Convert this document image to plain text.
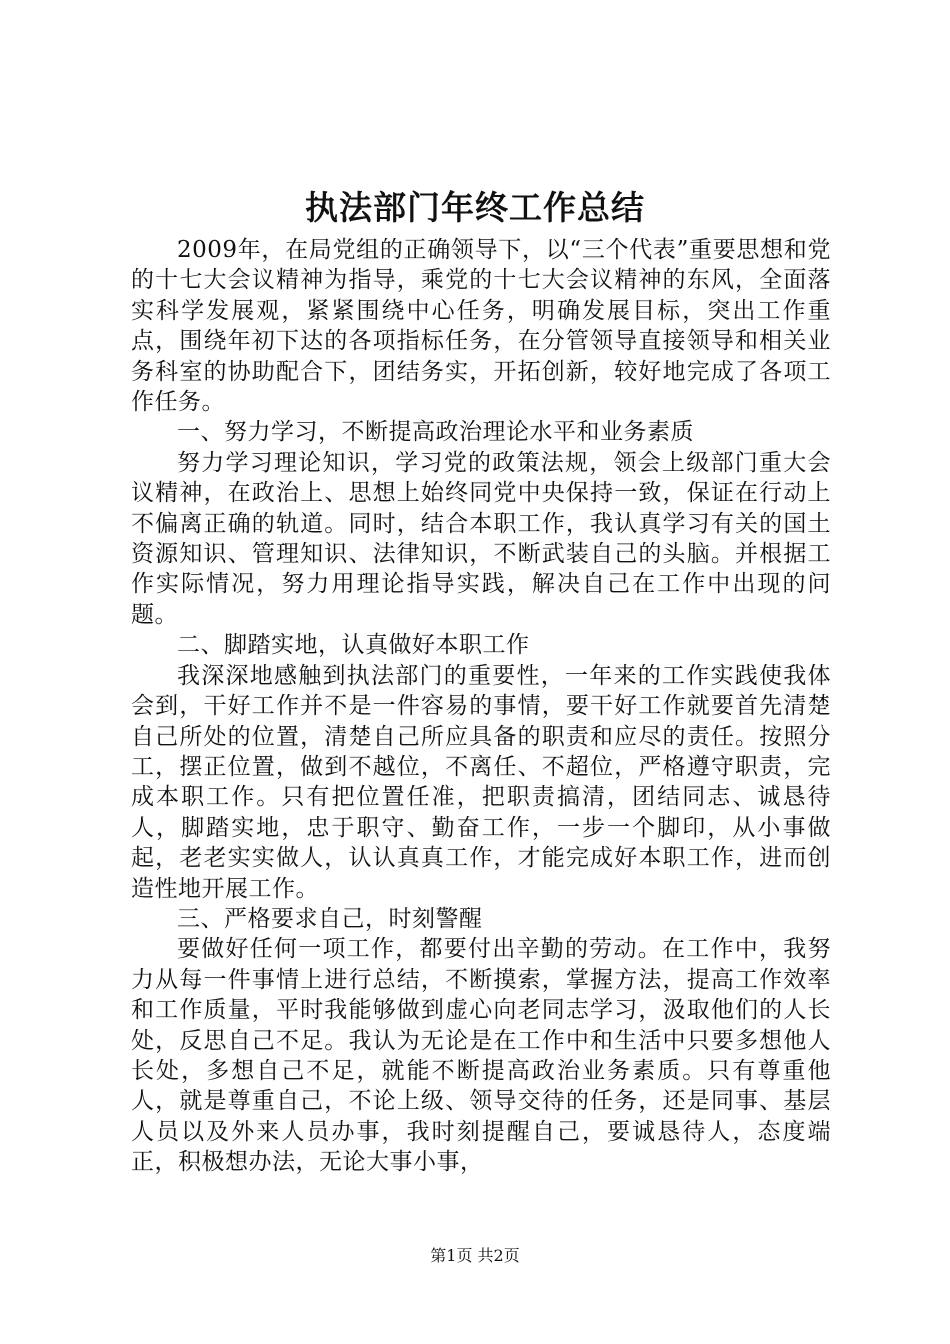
执法部门年终工作总结

2009年，在局党组的正确领导下，以“三个代表”重要思想和党的十七大会议精神为指导，乘党的十七大会议精神的东风，全面落实科学发展观，紧紧围绕中心任务，明确发展目标，突出工作重点，围绕年初下达的各项指标任务，在分管领导直接领导和相关业务科室的协助配合下，团结务实，开拓创新，较好地完成了各项工作任务。

一、努力学习，不断提高政治理论水平和业务素质

努力学习理论知识，学习党的政策法规，领会上级部门重大会议精神，在政治上、思想上始终同党中央保持一致，保证在行动上不偏离正确的轨道。同时，结合本职工作，我认真学习有关的国土资源知识、管理知识、法律知识，不断武装自己的头脑。并根据工作实际情况，努力用理论指导实践，解决自己在工作中出现的问题。

二、脚踏实地，认真做好本职工作

我深深地感触到执法部门的重要性，一年来的工作实践使我体会到，干好工作并不是一件容易的事情，要干好工作就要首先清楚自己所处的位置，清楚自己所应具备的职责和应尽的责任。按照分工，摆正位置，做到不越位，不离任、不超位，严格遵守职责，完成本职工作。只有把位置任准，把职责搞清，团结同志、诚恳待人，脚踏实地，忠于职守、勤奋工作，一步一个脚印，从小事做起，老老实实做人，认认真真工作，才能完成好本职工作，进而创造性地开展工作。

三、严格要求自己，时刻警醒

要做好任何一项工作，都要付出辛勤的劳动。在工作中，我努力从每一件事情上进行总结，不断摸索，掌握方法，提高工作效率和工作质量，平时我能够做到虚心向老同志学习，汲取他们的人长处，反思自己不足。我认为无论是在工作中和生活中只要多想他人长处，多想自己不足，就能不断提高政治业务素质。只有尊重他人，就是尊重自己，不论上级、领导交待的任务，还是同事、基层人员以及外来人员办事，我时刻提醒自己，要诚恳待人，态度端正，积极想办法，无论大事小事，

第1页 共2页
